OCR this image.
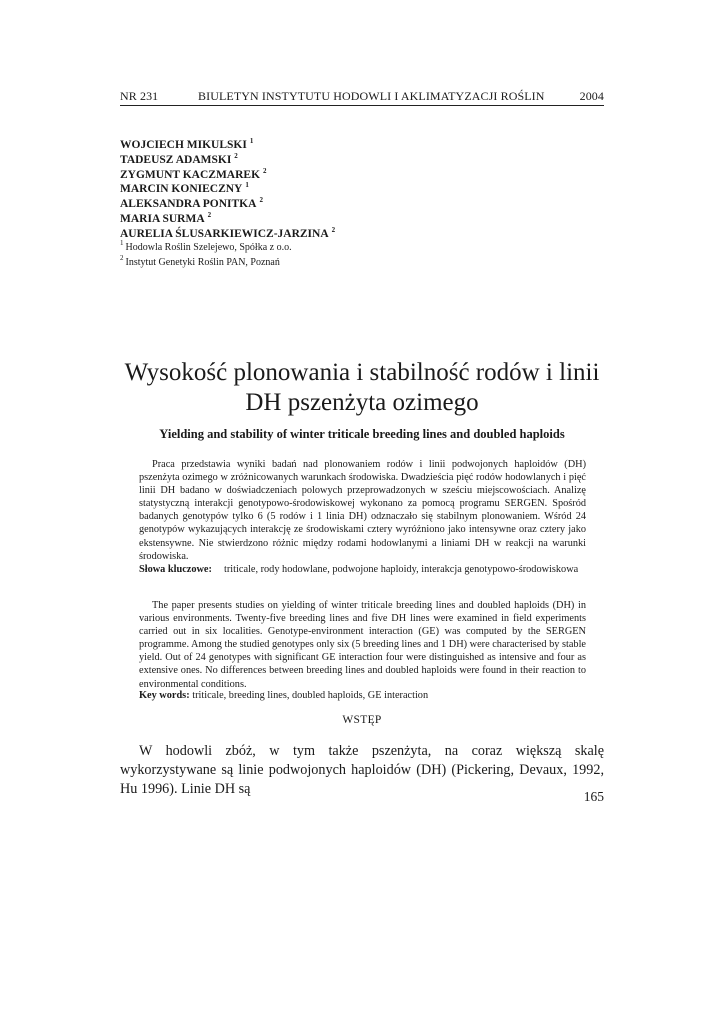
NR 231	BIULETYN INSTYTUTU HODOWLI I AKLIMATYZACJI ROŚLIN	2004
WOJCIECH MIKULSKI $^1$
TADEUSZ ADAMSKI $^2$
ZYGMUNT KACZMAREK $^2$
MARCIN KONIECZNY $^1$
ALEKSANDRA PONITKA $^2$
MARIA SURMA $^2$
AURELIA ŚLUSARKIEWICZ-JARZINA $^2$
$^1$ Hodowla Roślin Szelejewo, Spółka z o.o.
$^2$ Instytut Genetyki Roślin PAN, Poznań
Wysokość plonowania i stabilność rodów i linii DH pszenżyta ozimego
Yielding and stability of winter triticale breeding lines and doubled haploids
Praca przedstawia wyniki badań nad plonowaniem rodów i linii podwojonych haploidów (DH) pszenżyta ozimego w zróżnicowanych warunkach środowiska. Dwadzieścia pięć rodów hodowlanych i pięć linii DH badano w doświadczeniach polowych przeprowadzonych w sześciu miejscowościach. Analizę statystyczną interakcji genotypowo-środowiskowej wykonano za pomocą programu SERGEN. Spośród badanych genotypów tylko 6 (5 rodów i 1 linia DH) odznaczało się stabilnym plonowaniem. Wśród 24 genotypów wykazujących interakcję ze środowiskami cztery wyróżniono jako intensywne oraz cztery jako ekstensywne. Nie stwierdzono różnic między rodami hodowlanymi a liniami DH w reakcji na warunki środowiska.
Słowa kluczowe: triticale, rody hodowlane, podwojone haploidy, interakcja genotypowo-środowiskowa
The paper presents studies on yielding of winter triticale breeding lines and doubled haploids (DH) in various environments. Twenty-five breeding lines and five DH lines were examined in field experiments carried out in six localities. Genotype-environment interaction (GE) was computed by the SERGEN programme. Among the studied genotypes only six (5 breeding lines and 1 DH) were characterised by stable yield. Out of 24 genotypes with significant GE interaction four were distinguished as intensive and four as extensive ones. No differences between breeding lines and doubled haploids were found in their reaction to environmental conditions.
Key words: triticale, breeding lines, doubled haploids, GE interaction
WSTĘP
W hodowli zbóż, w tym także pszenżyta, na coraz większą skalę wykorzystywane są linie podwojonych haploidów (DH) (Pickering, Devaux, 1992, Hu 1996). Linie DH są	165
